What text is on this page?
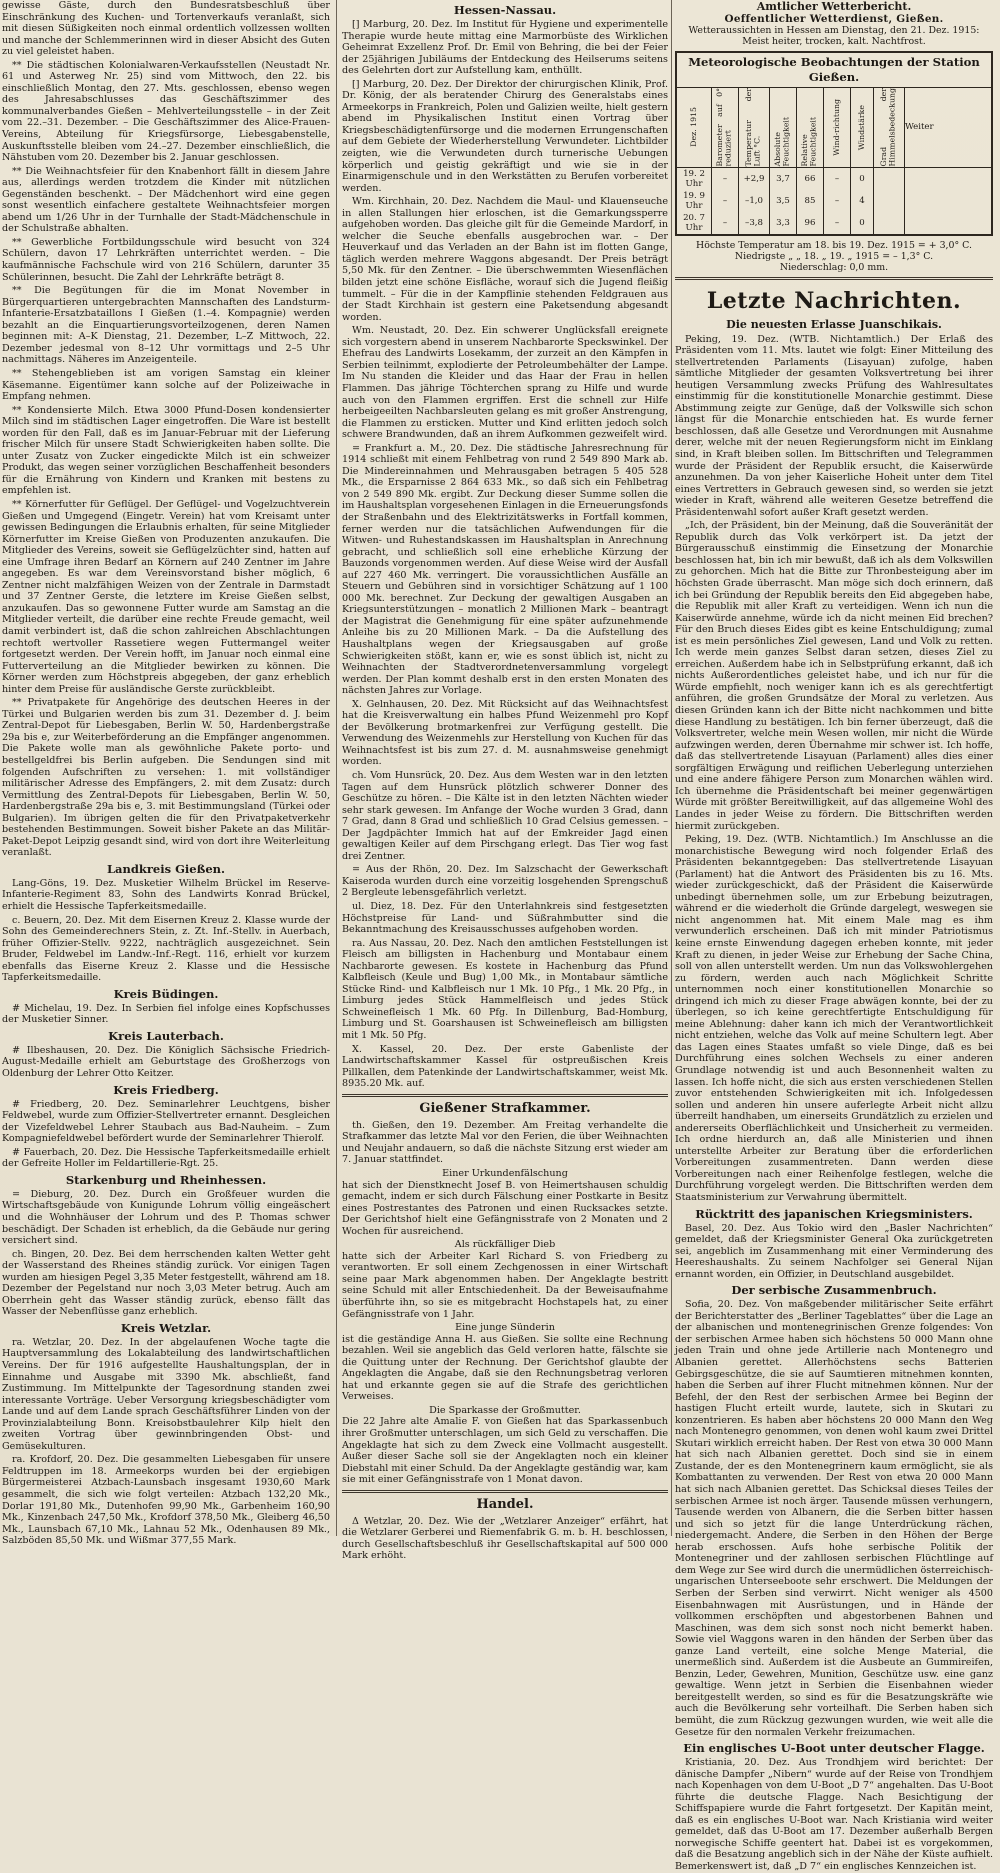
gewisse Gäste, durch den Bundesratsbeschluß über Einschränkung des Kuchen- und Tortenverkaufs veranlaßt, sich mit diesen Süßigkeiten noch einmal ordentlich vollzessen wollten und manche der Schlemmerinnen wird in dieser Absicht des Guten zu viel geleistet haben.

** Die städtischen Kolonialwaren-Verkaufsstellen (Neustadt Nr. 61 und Asterweg Nr. 25) sind vom Mittwoch, den 22. bis einschließlich Montag, den 27. Mts. geschlossen, ebenso wegen des Jahresabschlusses das Geschäftszimmer des kommunalverbandes Gießen – Mehlverteilungsstelle – in der Zeit vom 22.–31. Dezember. – Die Geschäftszimmer des Alice-Frauen-Vereins, Abteilung für Kriegsfürsorge, Liebesgabenstelle, Auskunftsstelle bleiben vom 24.–27. Dezember einschließlich, die Nähstuben vom 20. Dezember bis 2. Januar geschlossen.

** Die Weihnachtsfeier für den Knabenhort fällt in diesem Jahre aus, allerdings werden trotzdem die Kinder mit nützlichen Gegenständen beschenkt. – Der Mädchenhort wird eine gegen sonst wesentlich einfachere gestaltete Weihnachtsfeier morgen abend um 1/26 Uhr in der Turnhalle der Stadt-Mädchenschule in der Schulstraße abhalten.

** Gewerbliche Fortbildungsschule wird besucht von 324 Schülern, davon 17 Lehrkräften unterrichtet werden. – Die kaufmännische Fachschule wird von 216 Schülern, darunter 35 Schülerinnen, besucht. Die Zahl der Lehrkräfte beträgt 8.

** Die Begütungen für die im Monat November in Bürgerquartieren untergebrachten Mannschaften des Landsturm-Infanterie-Ersatzbataillons I Gießen (1.–4. Kompagnie) werden bezahlt an die Einquartierungsvorteilzogenen, deren Namen beginnen mit: A–K Dienstag, 21. Dezember, L–Z Mittwoch, 22. Dezember jedesmal von 8–12 Uhr vormittags und 2–5 Uhr nachmittags. Näheres im Anzeigenteile.

** Stehengeblieben ist am vorigen Samstag ein kleiner Käsemanne. Eigentümer kann solche auf der Polizeiwache in Empfang nehmen.

** Kondensierte Milch. Etwa 3000 Pfund-Dosen kondensierter Milch sind im städtischen Lager eingetroffen. Die Ware ist bestellt worden für den Fall, daß es im Januar-Februar mit der Lieferung frischer Milch für unsere Stadt Schwierigkeiten haben sollte. Die unter Zusatz von Zucker eingedickte Milch ist ein schweizer Produkt, das wegen seiner vorzüglichen Beschaffenheit besonders für die Ernährung von Kindern und Kranken mit bestens zu empfehlen ist.

** Körnerfutter für Geflügel. Der Geflügel- und Vogelzuchtverein Gießen und Umgegend (Eingetr. Verein) hat vom Kreisamt unter gewissen Bedingungen die Erlaubnis erhalten, für seine Mitglieder Körnerfutter im Kreise Gießen von Produzenten anzukaufen. Die Mitglieder des Vereins, soweit sie Geflügelzüchter sind, hatten auf eine Umfrage ihren Bedarf an Körnern auf 240 Zentner im Jahre angegeben. Es war dem Vereinsvorstand bisher möglich, 6 Zentner nicht malzfähigen Weizen von der Zentrale in Darmstadt und 37 Zentner Gerste, die letztere im Kreise Gießen selbst, anzukaufen. Das so gewonnene Futter wurde am Samstag an die Mitglieder verteilt, die darüber eine rechte Freude gemacht, weil damit verbindert ist, daß die schon zahlreichen Abschlachtungen rechtoft wertvoller Rassetiere wegen Futtermangel weiter fortgesetzt werden. Der Verein hofft, im Januar noch einmal eine Futterverteilung an die Mitglieder bewirken zu können. Die Körner werden zum Höchstpreis abgegeben, der ganz erheblich hinter dem Preise für ausländische Gerste zurückbleibt.

** Privatpakete für Angehörige des deutschen Heeres in der Türkei und Bulgarien werden bis zum 31. Dezember d. J. beim Zentral-Depot für Liebesgaben, Berlin W. 50, Hardenbergstraße 29a bis e, zur Weiterbeförderung an die Empfänger angenommen. Die Pakete wolle man als gewöhnliche Pakete porto- und bestellgeldfrei bis Berlin aufgeben. Die Sendungen sind mit folgenden Aufschriften zu versehen: 1. mit vollständiger militärischer Adresse des Empfängers, 2. mit dem Zusatz: durch Vermittlung des Zentral-Depots für Liebesgaben, Berlin W. 50, Hardenbergstraße 29a bis e, 3. mit Bestimmungsland (Türkei oder Bulgarien). Im übrigen gelten die für den Privatpaketverkehr bestehenden Bestimmungen. Soweit bisher Pakete an das Militär-Paket-Depot Leipzig gesandt sind, wird von dort ihre Weiterleitung veranlaßt.

Landkreis Gießen.

Lang-Göns, 19. Dez. Musketier Wilhelm Brückel im Reserve-Infanterie-Regiment 83, Sohn des Landwirts Konrad Brückel, erhielt die Hessische Tapferkeitsmedaille.

c. Beuern, 20. Dez. Mit dem Eisernen Kreuz 2. Klasse wurde der Sohn des Gemeinderechners Stein, z. Zt. Inf.-Stellv. in Auerbach, früher Offizier-Stellv. 9222, nachträglich ausgezeichnet. Sein Bruder, Feldwebel im Landw.-Inf.-Regt. 116, erhielt vor kurzem ebenfalls das Eiserne Kreuz 2. Klasse und die Hessische Tapferkeitsmedaille.

Kreis Büdingen.

# Michelau, 19. Dez. In Serbien fiel infolge eines Kopfschusses der Musketier Sinner.

Kreis Lauterbach.

# Ilbeshausen, 20. Dez. Die Königlich Sächsische Friedrich-August-Medaille erhielt am Geburtstage des Großherzogs von Oldenburg der Lehrer Otto Keitzer.

Kreis Friedberg.

# Friedberg, 20. Dez. Seminarlehrer Leuchtgens, bisher Feldwebel, wurde zum Offizier-Stellvertreter ernannt. Desgleichen der Vizefeldwebel Lehrer Staubach aus Bad-Nauheim. – Zum Kompagniefeldwebel befördert wurde der Seminarlehrer Thierolf.

# Fauerbach, 20. Dez. Die Hessische Tapferkeitsmedaille erhielt der Gefreite Holler im Feldartillerie-Rgt. 25.

Starkenburg und Rheinhessen.

= Dieburg, 20. Dez. Durch ein Großfeuer wurden die Wirtschaftsgebäude von Kunigunde Lohrum völlig eingeäschert und die Wohnhäuser der Lohrum und des P. Thomas schwer beschädigt. Der Schaden ist erheblich, da die Gebäude nur gering versichert sind.

ch. Bingen, 20. Dez. Bei dem herrschenden kalten Wetter geht der Wasserstand des Rheines ständig zurück. Vor einigen Tagen wurden am hiesigen Pegel 3,35 Meter festgestellt, während am 18. Dezember der Pegelstand nur noch 3,03 Meter betrug. Auch am Oberrhein geht das Wasser ständig zurück, ebenso fällt das Wasser der Nebenflüsse ganz erheblich.

Kreis Wetzlar.

ra. Wetzlar, 20. Dez. In der abgelaufenen Woche tagte die Hauptversammlung des Lokalabteilung des landwirtschaftlichen Vereins. Der für 1916 aufgestellte Haushaltungsplan, der in Einnahme und Ausgabe mit 3390 Mk. abschließt, fand Zustimmung. Im Mittelpunkte der Tagesordnung standen zwei interessante Vorträge. Ueber Versorgung kriegsbeschädigter vom Lande und auf dem Lande sprach Geschäftsführer Linden von der Provinzialabteilung Bonn. Kreisobstbaulehrer Kilp hielt den zweiten Vortrag über gewinnbringenden Obst- und Gemüsekulturen.

ra. Krofdorf, 20. Dez. Die gesammelten Liebesgaben für unsere Feldtruppen im 18. Armeekorps wurden bei der ergiebigen Bürgermeisterei Atzbach-Launsbach insgesamt 1930,60 Mark gesammelt, die sich wie folgt verteilen: Atzbach 132,20 Mk., Dorlar 191,80 Mk., Dutenhofen 99,90 Mk., Garbenheim 160,90 Mk., Kinzenbach 247,50 Mk., Krofdorf 378,50 Mk., Gleiberg 46,50 Mk., Launsbach 67,10 Mk., Lahnau 52 Mk., Odenhausen 89 Mk., Salzböden 85,50 Mk. und Wißmar 377,55 Mark.

Hessen-Nassau.

[] Marburg, 20. Dez. Im Institut für Hygiene und experimentelle Therapie wurde heute mittag eine Marmorbüste des Wirklichen Geheimrat Exzellenz Prof. Dr. Emil von Behring, die bei der Feier der 25jährigen Jubiläums der Entdeckung des Heilserums seitens des Gelehrten dort zur Aufstellung kam, enthüllt.

[] Marburg, 20. Dez. Der Direktor der chirurgischen Klinik, Prof. Dr. König, der als beratender Chirurg des Generalstabs eines Armeekorps in Frankreich, Polen und Galizien weilte, hielt gestern abend im Physikalischen Institut einen Vortrag über Kriegsbeschädigtenfürsorge und die modernen Errungenschaften auf dem Gebiete der Wiederherstellung Verwundeter. Lichtbilder zeigten, wie die Verwundeten durch turnerische Uebungen körperlich und geistig gekräftigt und wie sie in der Einarmigenschule und in den Werkstätten zu Berufen vorbereitet werden.

Wm. Kirchhain, 20. Dez. Nachdem die Maul- und Klauenseuche in allen Stallungen hier erloschen, ist die Gemarkungssperre aufgehoben worden. Das gleiche gilt für die Gemeinde Mardorf, in welcher die Seuche ebenfalls ausgebrochen war. – Der Heuverkauf und das Verladen an der Bahn ist im flotten Gange, täglich werden mehrere Waggons abgesandt. Der Preis beträgt 5,50 Mk. für den Zentner. – Die überschwemmten Wiesenflächen bilden jetzt eine schöne Eisfläche, worauf sich die Jugend fleißig tummelt. – Für die in der Kampflinie stehenden Feldgrauen aus der Stadt Kirchhain ist gestern eine Paketsendung abgesandt worden.

Wm. Neustadt, 20. Dez. Ein schwerer Unglücksfall ereignete sich vorgestern abend in unserem Nachbarorte Speckswinkel. Der Ehefrau des Landwirts Losekamm, der zurzeit an den Kämpfen in Serbien teilnimmt, explodierte der Petroleumbehälter der Lampe. Im Nu standen die Kleider und das Haar der Frau in hellen Flammen. Das jährige Töchterchen sprang zu Hilfe und wurde auch von den Flammen ergriffen. Erst die schnell zur Hilfe herbeigeeilten Nachbarsleuten gelang es mit großer Anstrengung, die Flammen zu ersticken. Mutter und Kind erlitten jedoch solch schwere Brandwunden, daß an ihrem Aufkommen gezweifelt wird.

= Frankfurt a. M., 20. Dez. Die städtische Jahresrechnung für 1914 schließt mit einem Fehlbetrag von rund 2 549 890 Mark ab. Die Mindereinnahmen und Mehrausgaben betragen 5 405 528 Mk., die Ersparnisse 2 864 633 Mk., so daß sich ein Fehlbetrag von 2 549 890 Mk. ergibt. Zur Deckung dieser Summe sollen die im Haushaltsplan vorgesehenen Einlagen in die Erneuerungsfonds der Straßenbahn und des Elektrizitätswerks in Fortfall kommen, ferner werden nur die tatsächlichen Aufwendungen für die Witwen- und Ruhestandskassen im Haushaltsplan in Anrechnung gebracht, und schließlich soll eine erhebliche Kürzung der Bauzonds vorgenommen werden. Auf diese Weise wird der Ausfall auf 227 460 Mk. verringert. Die voraussichtlichen Ausfälle an Steuern und Gebühren sind in vorsichtiger Schätzung auf 1 100 000 Mk. berechnet. Zur Deckung der gewaltigen Ausgaben an Kriegsunterstützungen – monatlich 2 Millionen Mark – beantragt der Magistrat die Genehmigung für eine später aufzunehmende Anleihe bis zu 20 Millionen Mark. – Da die Aufstellung des Haushaltplans wegen der Kriegsausgaben auf große Schwierigkeiten stößt, kann er, wie es sonst üblich ist, nicht zu Weihnachten der Stadtverordnetenversammlung vorgelegt werden. Der Plan kommt deshalb erst in den ersten Monaten des nächsten Jahres zur Vorlage.

X. Gelnhausen, 20. Dez. Mit Rücksicht auf das Weihnachtsfest hat die Kreisverwaltung ein halbes Pfund Weizenmehl pro Kopf der Bevölkerung brotmarkenfrei zur Verfügung gestellt. Die Verwendung des Weizenmehls zur Herstellung von Kuchen für das Weihnachtsfest ist bis zum 27. d. M. ausnahmsweise genehmigt worden.

ch. Vom Hunsrück, 20. Dez. Aus dem Westen war in den letzten Tagen auf dem Hunsrück plötzlich schwerer Donner des Geschütze zu hören. – Die Kälte ist in den letzten Nächten wieder sehr stark gewesen. Im Anfange der Woche wurden 3 Grad, dann 7 Grad, dann 8 Grad und schließlich 10 Grad Celsius gemessen. – Der Jagdpächter Immich hat auf der Emkreider Jagd einen gewaltigen Keiler auf dem Pirschgang erlegt. Das Tier wog fast drei Zentner.

= Aus der Rhön, 20. Dez. Im Salzschacht der Gewerkschaft Kaiseroda wurden durch eine vorzeitig losgehenden Sprengschuß 2 Bergleute lebensgefährlich verletzt.

ul. Diez, 18. Dez. Für den Unterlahnkreis sind festgesetzten Höchstpreise für Land- und Süßrahmbutter sind die Bekanntmachung des Kreisausschusses aufgehoben worden.

ra. Aus Nassau, 20. Dez. Nach den amtlichen Feststellungen ist Fleisch am billigsten in Hachenburg und Montabaur einem Nachbarorte gewesen. Es kostete in Hachenburg das Pfund Kalbfleisch (Keule und Bug) 1,00 Mk., in Montabaur sämtliche Stücke Rind- und Kalbfleisch nur 1 Mk. 10 Pfg., 1 Mk. 20 Pfg., in Limburg jedes Stück Hammelfleisch und jedes Stück Schweinefleisch 1 Mk. 60 Pfg. In Dillenburg, Bad-Homburg, Limburg und St. Goarshausen ist Schweinefleisch am billigsten mit 1 Mk. 50 Pfg.

X. Kassel, 20. Dez. Der erste Gabenliste der Landwirtschaftskammer Kassel für ostpreußischen Kreis Pillkallen, dem Patenkinde der Landwirtschaftskammer, weist Mk. 8935.20 Mk. auf.

Gießener Strafkammer.

th. Gießen, den 19. Dezember. Am Freitag verhandelte die Strafkammer das letzte Mal vor den Ferien, die über Weihnachten und Neujahr andauern, so daß die nächste Sitzung erst wieder am 7. Januar stattfindet.

Einer Urkundenfälschung

hat sich der Dienstknecht Josef B. von Heimertshausen schuldig gemacht, indem er sich durch Fälschung einer Postkarte in Besitz eines Postrestantes des Patronen und einen Rucksackes setzte. Der Gerichtshof hielt eine Gefängnisstrafe von 2 Monaten und 2 Wochen für ausreichend.

Als rückfälliger Dieb

hatte sich der Arbeiter Karl Richard S. von Friedberg zu verantworten. Er soll einem Zechgenossen in einer Wirtschaft seine paar Mark abgenommen haben. Der Angeklagte bestritt seine Schuld mit aller Entschiedenheit. Da der Beweisaufnahme überführte ihn, so sie es mitgebracht Hochstapels hat, zu einer Gefängnisstrafe von 1 Jahr.

Eine junge Sünderin

ist die geständige Anna H. aus Gießen. Sie sollte eine Rechnung bezahlen. Weil sie angeblich das Geld verloren hatte, fälschte sie die Quittung unter der Rechnung. Der Gerichtshof glaubte der Angeklagten die Angabe, daß sie den Rechnungsbetrag verloren hat und erkannte gegen sie auf die Strafe des gerichtlichen Verweises.

Die Sparkasse der Großmutter.

Die 22 Jahre alte Amalie F. von Gießen hat das Sparkassenbuch ihrer Großmutter unterschlagen, um sich Geld zu verschaffen. Die Angeklagte hat sich zu dem Zweck eine Vollmacht ausgestellt. Außer dieser Sache soll sie der Angeklagten noch ein kleiner Diebstahl mit einer Schuld. Da der Angeklagte geständig war, kam sie mit einer Gefängnisstrafe von 1 Monat davon.

Handel.

Δ Wetzlar, 20. Dez. Wie der „Wetzlarer Anzeiger“ erfährt, hat die Wetzlarer Gerberei und Riemenfabrik G. m. b. H. beschlossen, durch Gesellschaftsbeschluß ihr Gesellschaftskapital auf 500 000 Mark erhöht.

Amtlicher Wetterbericht.
Oeffentlicher Wetterdienst, Gießen.
Wetteraussichten in Hessen am Dienstag, den 21. Dez. 1915:
Meist heiter, trocken, kalt. Nachtfrost.
Meteorologische Beobachtungen der Station Gießen.
Dez. 1915	Barometer auf 0° reduziert	Temperatur der Luft °C.	Absolute Feuchtigkeit	Relative Feuchtigkeit	Wind-richtung	Windstärke	Grad der Himmelsbedeckung	Weiter
19. 2 Uhr	–	+2,9	3,7	66	–	0		
19. 9 Uhr	–	–1,0	3,5	85	–	4		
20. 7 Uhr	–	–3,8	3,3	96	–	0		
Höchste Temperatur am 18. bis 19. Dez. 1915 = + 3,0° C.
Niedrigste „ „ 18. „ 19. „ 1915 = – 1,3° C.
Niederschlag: 0,0 mm.
Letzte Nachrichten.
Die neuesten Erlasse Juanschikais.

Peking, 19. Dez. (WTB. Nichtamtlich.) Der Erlaß des Präsidenten vom 11. Mts. lautet wie folgt: Einer Mitteilung des stellvertretenden Parlaments (Lisayuan) zufolge, haben sämtliche Mitglieder der gesamten Volksvertretung bei ihrer heutigen Versammlung zwecks Prüfung des Wahlresultates einstimmig für die konstitutionelle Monarchie gestimmt. Diese Abstimmung zeigte zur Genüge, daß der Volkswille sich schon längst für die Monarchie entschieden hat. Es wurde ferner beschlossen, daß alle Gesetze und Verordnungen mit Ausnahme derer, welche mit der neuen Regierungsform nicht im Einklang sind, in Kraft bleiben sollen. Im Bittschriften und Telegrammen wurde der Präsident der Republik ersucht, die Kaiserwürde anzunehmen. Da von jeher Kaiserliche Hoheit unter dem Titel eines Vertretters in Gebrauch gewesen sind, so werden sie jetzt wieder in Kraft, während alle weiteren Gesetze betreffend die Präsidentenwahl sofort außer Kraft gesetzt werden.

„Ich, der Präsident, bin der Meinung, daß die Souveränität der Republik durch das Volk verkörpert ist. Da jetzt der Bürgerausschuß einstimmig die Einsetzung der Monarchie beschlossen hat, bin ich mir bewußt, daß ich als dem Volkswillen zu gehorchen. Mich hat die Bitte zur Thronbesteigung aber im höchsten Grade überrascht. Man möge sich doch erinnern, daß ich bei Gründung der Republik bereits den Eid abgegeben habe, die Republik mit aller Kraft zu verteidigen. Wenn ich nun die Kaiserwürde annehme, würde ich da nicht meinen Eid brechen? Für den Bruch dieses Eides gibt es keine Entschuldigung; zumal ist es mein persönliches Ziel gewesen, Land und Volk zu retten. Ich werde mein ganzes Selbst daran setzen, dieses Ziel zu erreichen. Außerdem habe ich in Selbstprüfung erkannt, daß ich nichts Außerordentliches geleistet habe, und ich nur für die Würde empfiehlt, noch weniger kann ich es als gerechtfertigt anführen, die großen Grundsätze der Moral zu verletzen. Aus diesen Gründen kann ich der Bitte nicht nachkommen und bitte diese Handlung zu bestätigen. Ich bin ferner überzeugt, daß die Volksvertreter, welche mein Wesen wollen, mir nicht die Würde aufzwingen werden, deren Übernahme mir schwer ist. Ich hoffe, daß das stellvertretende Lisayuan (Parlament) alles dies einer sorgfältigen Erwägung und reiflichen Ueberlegung unterziehen und eine andere fähigere Person zum Monarchen wählen wird. Ich übernehme die Präsidentschaft bei meiner gegenwärtigen Würde mit größter Bereitwilligkeit, auf das allgemeine Wohl des Landes in jeder Weise zu fördern. Die Bittschriften werden hiermit zurückgeben.

Peking, 19. Dez. (WTB. Nichtamtlich.) Im Anschlusse an die monarchistische Bewegung wird noch folgender Erlaß des Präsidenten bekanntgegeben: Das stellvertretende Lisayuan (Parlament) hat die Antwort des Präsidenten bis zu 16. Mts. wieder zurückgeschickt, daß der Präsident die Kaiserwürde unbedingt übernehmen solle, um zur Erbebung beizutragen, während er die wiederholt die Gründe dargelegt, weswegen sie nicht angenommen hat. Mit einem Male mag es ihm verwunderlich erscheinen. Daß ich mit minder Patriotismus keine ernste Einwendung dagegen erheben konnte, mit jeder Kraft zu dienen, in jeder Weise zur Erhebung der Sache China, soll von allen unterstellt werden. Um nun das Volkswohlergehen zu fördern, werden auch nach Möglichkeit Schritte unternommen noch einer konstitutionellen Monarchie so dringend ich mich zu dieser Frage abwägen konnte, bei der zu überlegen, so ich keine gerechtfertigte Entschuldigung für meine Ablehnung: daher kann ich mich der Verantwortlichkeit nicht entziehen, welche das Volk auf meine Schultern legt. Aber das Lagen eines Staates umfaßt so viele Dinge, daß es bei Durchführung eines solchen Wechsels zu einer anderen Grundlage notwendig ist und auch Besonnenheit walten zu lassen. Ich hoffe nicht, die sich aus ersten verschiedenen Stellen zuvor entstehenden Schwierigkeiten mit ich. Infolgedessen sollen und anderen hin unsere auferlegte Arbeit nicht allzu überreilt handhaben, um einerseits Grundätzlich zu erzielen und andererseits Oberflächlichkeit und Unsicherheit zu vermeiden. Ich ordne hierdurch an, daß alle Ministerien und ihnen unterstellte Arbeiter zur Beratung über die erforderlichen Vorbereitungen zusammentreten. Dann werden diese Vorbereitungen nach einer Reihenfolge festlegen, welche die Durchführung vorgelegt werden. Die Bittschriften werden dem Staatsministerium zur Verwahrung übermittelt.

Rücktritt des japanischen Kriegsministers.

Basel, 20. Dez. Aus Tokio wird den „Basler Nachrichten“ gemeldet, daß der Kriegsminister General Oka zurückgetreten sei, angeblich im Zusammenhang mit einer Verminderung des Heereshaushalts. Zu seinem Nachfolger sei General Nijan ernannt worden, ein Offizier, in Deutschland ausgebildet.

Der serbische Zusammenbruch.

Sofia, 20. Dez. Von maßgebender militärischer Seite erfährt der Berichterstatter des „Berliner Tageblattes“ über die Lage an der albanischen und montenegrinischen Grenze folgendes: Von der serbischen Armee haben sich höchstens 50 000 Mann ohne jeden Train und ohne jede Artillerie nach Montenegro und Albanien gerettet. Allerhöchstens sechs Batterien Gebirgsgeschütze, die sie auf Saumtieren mitnehmen konnten, haben die Serben auf ihrer Flucht mitnehmen können. Nur der Befehl, der den Rest der serbischen Armee bei Beginn der hastigen Flucht erteilt wurde, lautete, sich in Skutari zu konzentrieren. Es haben aber höchstens 20 000 Mann den Weg nach Montenegro genommen, von denen wohl kaum zwei Drittel Skutari wirklich erreicht haben. Der Rest von etwa 30 000 Mann hat sich nach Albanien gerettet. Doch sind sie in einem Zustande, der es den Montenegrinern kaum ermöglicht, sie als Kombattanten zu verwenden. Der Rest von etwa 20 000 Mann hat sich nach Albanien gerettet. Das Schicksal dieses Teiles der serbischen Armee ist noch ärger. Tausende müssen verhungern, Tausende werden von Albanern, die die Serben bitter hassen und sich so jetzt für die lange Unterdrückung rächen, niedergemacht. Andere, die Serben in den Höhen der Berge herab erschossen. Aufs hohe serbische Politik der Montenegriner und der zahllosen serbischen Flüchtlinge auf dem Wege zur See wird durch die unermüdlichen österreichisch-ungarischen Unterseeboote sehr erschwert. Die Meldungen der Serben der Serben sind verwirrt. Nicht weniger als 4500 Eisenbahnwagen mit Ausrüstungen, und in Hände der vollkommen erschöpften und abgestorbenen Bahnen und Maschinen, was dem sich sonst noch nicht bemerkt haben. Sowie viel Waggons waren in den händen der Serben über das ganze Land verteilt, eine solche Menge Material, die unermeßlich sind. Außerdem ist die Ausbeute an Gummireifen, Benzin, Leder, Gewehren, Munition, Geschütze usw. eine ganz gewaltige. Wenn jetzt in Serbien die Eisenbahnen wieder bereitgestellt werden, so sind es für die Besatzungskräfte wie auch die Bevölkerung sehr vorteilhaft. Die Serben haben sich bemüht, die zum Rückzug gezwungen wurden, wie weit alle die Gesetze für den normalen Verkehr freizumachen.

Ein englisches U-Boot unter deutscher Flagge.

Kristiania, 20. Dez. Aus Trondhjem wird berichtet: Der dänische Dampfer „Nibern“ wurde auf der Reise von Trondhjem nach Kopenhagen von dem U-Boot „D 7“ angehalten. Das U-Boot führte die deutsche Flagge. Nach Besichtigung der Schiffspapiere wurde die Fahrt fortgesetzt. Der Kapitän meint, daß es ein englisches U-Boot war. Nach Kristiania wird weiter gemeldet, daß das U-Boot am 17. Dezember außerhalb Bergen norwegische Schiffe geentert hat. Dabei ist es vorgekommen, daß die Besatzung angeblich sich in der Nähe der Küste aufhielt. Bemerkenswert ist, daß „D 7“ ein englisches Kennzeichen ist.
